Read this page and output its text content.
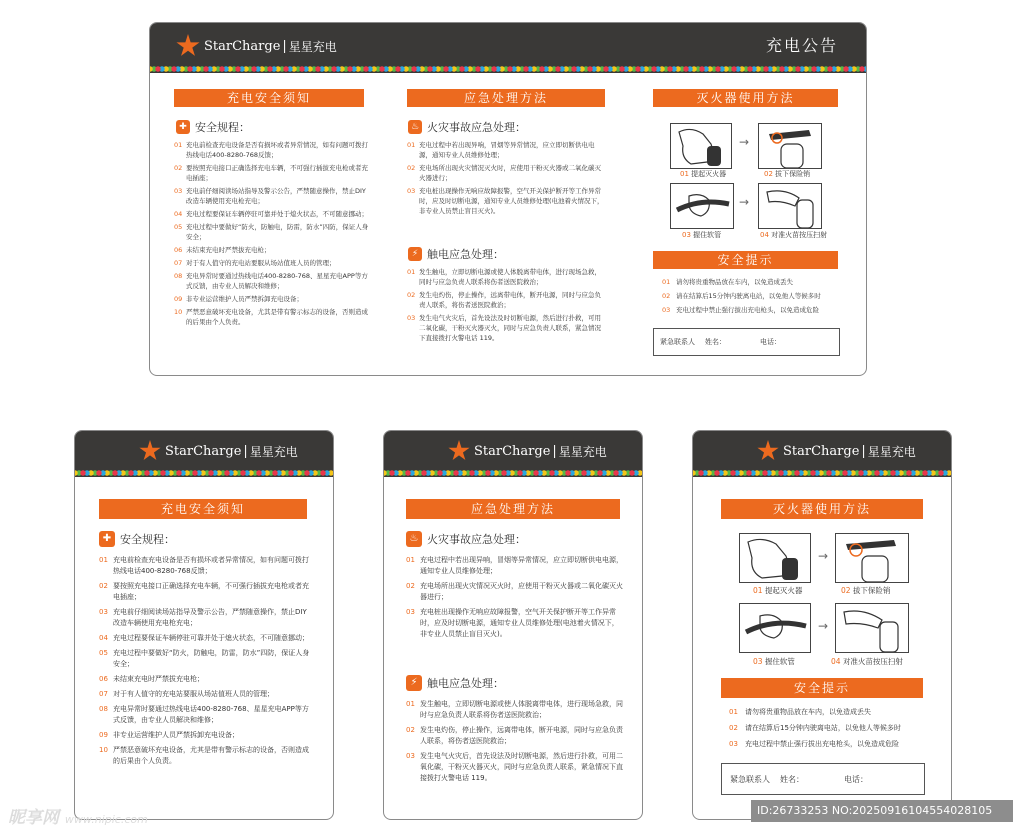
StarCharge | 星星充电	充电公告
充电安全须知
✚ 安全规程：
01 充电前检查充电设备是否有损坏或者异常情况，如有问题可拨打热线电话400-8280-768反馈；
02 要按照充电接口正确选择充电车辆，不可强行插拔充电枪或者充电插座；
03 充电前仔细阅读场站指导及警示公告，严禁随意操作，禁止DIY改造车辆使用充电枪充电；
04 充电过程要保证车辆停驻可靠并处于熄火状态，不可随意挪动；
05 充电过程中要做好“防火，防触电，防雷，防水”四防，保证人身安全；
06 未结束充电时严禁拔充电枪；
07 对于有人值守的充电站要服从场站值班人员的管理；
08 充电异常时要通过热线电话400-8280-768、星星充电APP等方式反馈，由专业人员解决和维修；
09 非专业运营维护人员严禁拆卸充电设备；
10 严禁恶意破坏充电设备，尤其是带有警示标志的设备，否则造成的后果由个人负责。
应急处理方法
♨ 火灾事故应急处理：
01 充电过程中若出现异响，冒烟等异常情况，应立即切断供电电源，通知专业人员维修处理；
02 充电场所出现火灾情况灭火时，应使用干粉灭火器或二氧化碳灭火器进行；
03 充电桩出现操作无响应故障报警，空气开关保护断开等工作异常时，应及时切断电源，通知专业人员维修处理(电池着火情况下，非专业人员禁止盲目灭火)。
⚡ 触电应急处理：
01 发生触电，立即切断电源或使人体脱离带电体，进行现场急救，同时与应急负责人联系将伤者送医院救治；
02 发生电灼伤，停止操作，远离带电体，断开电源，同时与应急负责人联系，将伤者送医院救治；
03 发生电气火灾后，首先设法及时切断电源，然后进行扑救，可用二氧化碳，干粉灭火器灭火，同时与应急负责人联系，紧急情况下直接拨打火警电话 119。
灭火器使用方法
→
01 提起灭火器	02 拔下保险销
→
03 握住软管	04 对准火苗按压扫射
安全提示
01 请勿将贵重物品放在车内，以免造成丢失
02 请在结算后15分钟内驶离电站，以免他人等候多时
03 充电过程中禁止强行拔出充电枪头，以免造成危险
紧急联系人 姓名：	电话：
StarCharge | 星星充电
充电安全须知
✚ 安全规程：
01 充电前检查充电设备是否有损坏或者异常情况，如有问题可拨打热线电话400-8280-768反馈；
02 要按照充电接口正确选择充电车辆，不可强行插拔充电枪或者充电插座；
03 充电前仔细阅读场站指导及警示公告，严禁随意操作，禁止DIY改造车辆使用充电枪充电；
04 充电过程要保证车辆停驻可靠并处于熄火状态，不可随意挪动；
05 充电过程中要做好“防火，防触电，防雷，防水”四防，保证人身安全；
06 未结束充电时严禁拔充电枪；
07 对于有人值守的充电站要服从场站值班人员的管理；
08 充电异常时要通过热线电话400-8280-768、星星充电APP等方式反馈，由专业人员解决和维修；
09 非专业运营维护人员严禁拆卸充电设备；
10 严禁恶意破坏充电设备，尤其是带有警示标志的设备，否则造成的后果由个人负责。
StarCharge | 星星充电
应急处理方法
♨ 火灾事故应急处理：
01 充电过程中若出现异响，冒烟等异常情况，应立即切断供电电源，通知专业人员维修处理；
02 充电场所出现火灾情况灭火时，应使用干粉灭火器或二氧化碳灭火器进行；
03 充电桩出现操作无响应故障报警，空气开关保护断开等工作异常时，应及时切断电源，通知专业人员维修处理(电池着火情况下，非专业人员禁止盲目灭火)。
⚡ 触电应急处理：
01 发生触电，立即切断电源或使人体脱离带电体，进行现场急救，同时与应急负责人联系将伤者送医院救治；
02 发生电灼伤，停止操作，远离带电体，断开电源，同时与应急负责人联系，将伤者送医院救治；
03 发生电气火灾后，首先设法及时切断电源，然后进行扑救，可用二氧化碳，干粉灭火器灭火，同时与应急负责人联系，紧急情况下直接拨打火警电话 119。
StarCharge | 星星充电
灭火器使用方法
→
01 提起灭火器	02 拔下保险销
→
03 握住软管	04 对准火苗按压扫射
安全提示
01	请勿将贵重物品放在车内，以免造成丢失
02	请在结算后15分钟内驶离电站，以免他人等候多时
03	充电过程中禁止强行拔出充电枪头，以免造成危险
紧急联系人 姓名：	电话：
昵享网 www.nipic.com
ID:26733253 NO:20250916104554028105
